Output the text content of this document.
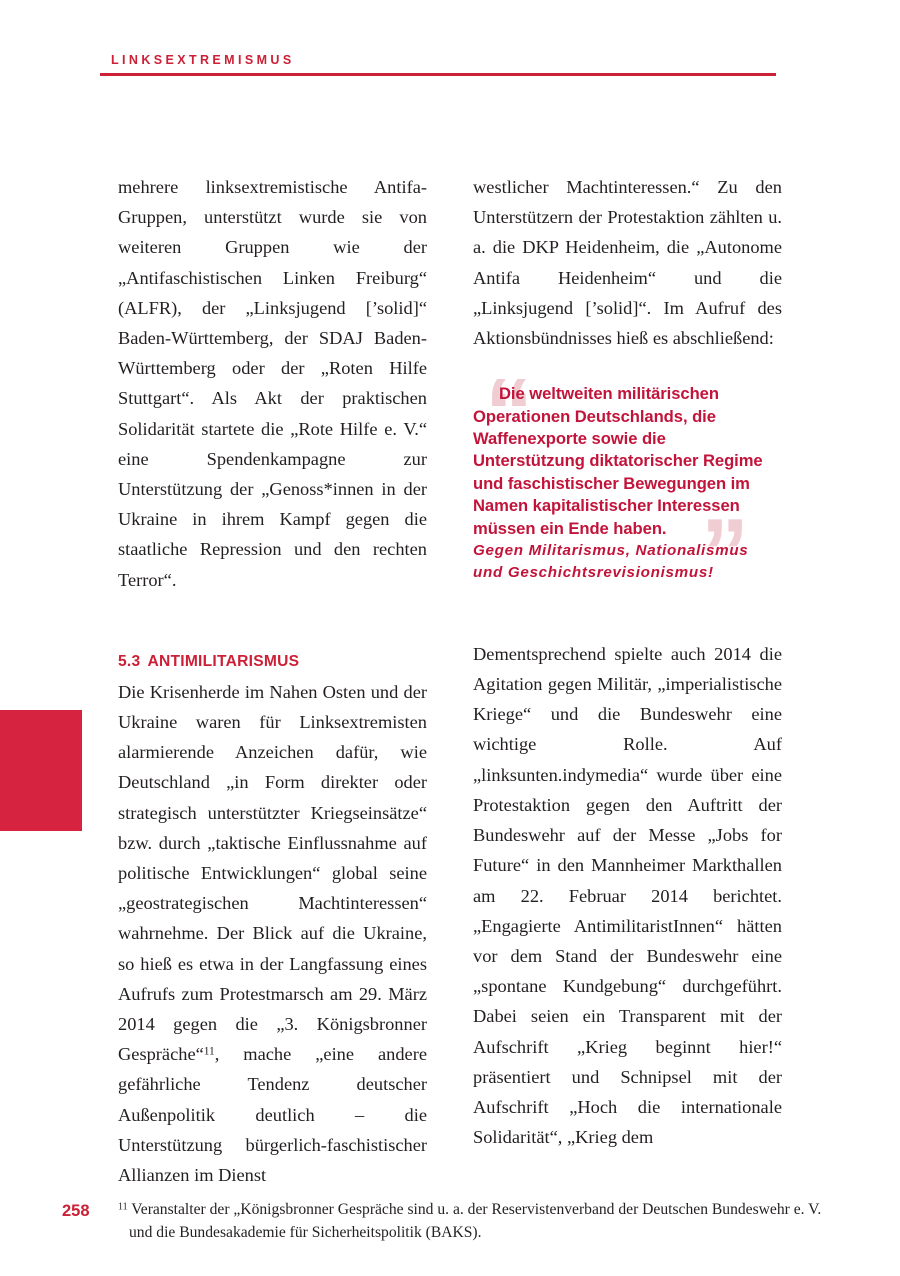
LINKSEXTREMISMUS

mehrere linksextremistische Antifa-Gruppen, unterstützt wurde sie von weiteren Gruppen wie der „Antifaschistischen Linken Freiburg“ (ALFR), der „Linksjugend [’solid]“ Baden-Württemberg, der SDAJ Baden-Württemberg oder der „Roten Hilfe Stuttgart“. Als Akt der praktischen Solidarität startete die „Rote Hilfe e. V.“ eine Spendenkampagne zur Unterstützung der „Genoss*innen in der Ukraine in ihrem Kampf gegen die staatliche Repression und den rechten Terror“.

5.3 ANTIMILITARISMUS

Die Krisenherde im Nahen Osten und der Ukraine waren für Linksextremisten alarmierende Anzeichen dafür, wie Deutschland „in Form direkter oder strategisch unterstützter Kriegseinsätze“ bzw. durch „taktische Einflussnahme auf politische Entwicklungen“ global seine „geostrategischen Machtinteressen“ wahrnehme. Der Blick auf die Ukraine, so hieß es etwa in der Langfassung eines Aufrufs zum Protestmarsch am 29. März 2014 gegen die „3. Königsbronner Gespräche“$^{11}$, mache „eine andere gefährliche Tendenz deutscher Außenpolitik deutlich – die Unterstützung bürgerlich-faschistischer Allianzen im Dienst

westlicher Machtinteressen.“ Zu den Unterstützern der Protestaktion zählten u. a. die DKP Heidenheim, die „Autonome Antifa Heidenheim“ und die „Linksjugend [’solid]“. Im Aufruf des Aktionsbündnisses hieß es abschließend:

“
”

Die weltweiten militärischen Operationen Deutschlands, die Waffenexporte sowie die Unterstützung diktatorischer Regime und faschistischer Bewegungen im Namen kapitalistischer Interessen müssen ein Ende haben.

Gegen Militarismus, Nationalismus

und Geschichtsrevisionismus!

Dementsprechend spielte auch 2014 die Agitation gegen Militär, „imperialistische Kriege“ und die Bundeswehr eine wichtige Rolle. Auf „linksunten.indymedia“ wurde über eine Protestaktion gegen den Auftritt der Bundeswehr auf der Messe „Jobs for Future“ in den Mannheimer Markthallen am 22. Februar 2014 berichtet. „Engagierte AntimilitaristInnen“ hätten vor dem Stand der Bundeswehr eine „spontane Kundgebung“ durchgeführt. Dabei seien ein Transparent mit der Aufschrift „Krieg beginnt hier!“ präsentiert und Schnipsel mit der Aufschrift „Hoch die internationale Solidarität“, „Krieg dem

258	$^{11}$ Veranstalter der „Königsbronner Gespräche sind u. a. der Reservistenverband der Deutschen Bundeswehr e. V. und die Bundesakademie für Sicherheitspolitik (BAKS).
